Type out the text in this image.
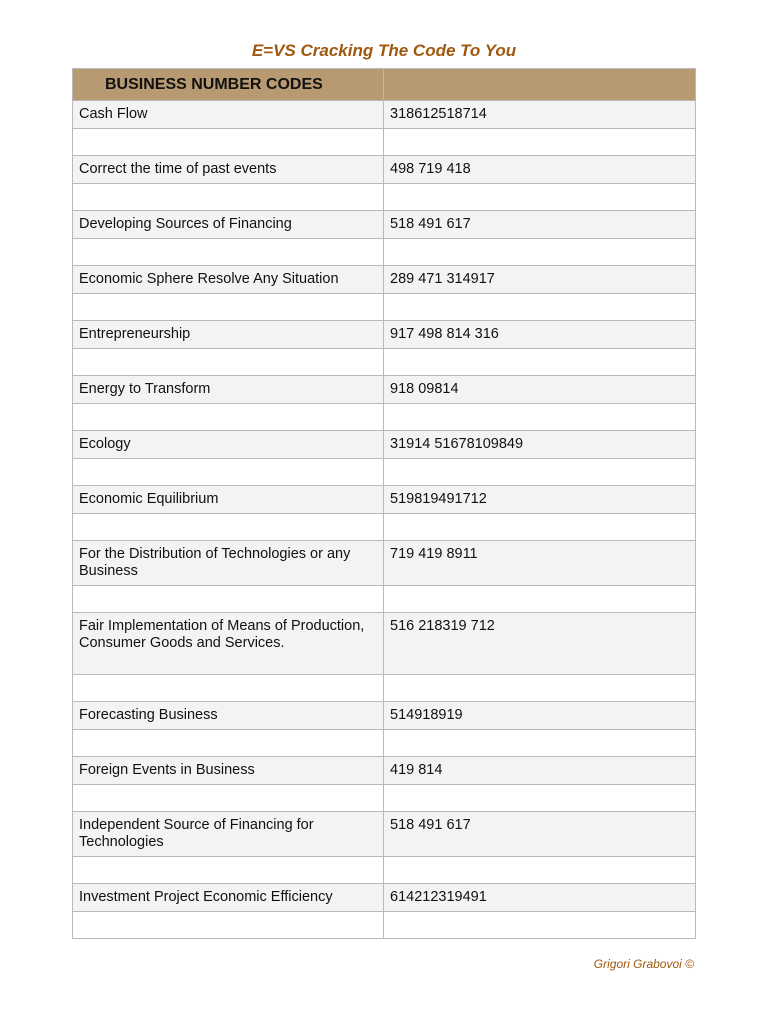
E=VS Cracking The Code To You
BUSINESS NUMBER CODES	
Cash Flow	318612518714

Correct the time of past events	498 719 418

Developing Sources of Financing	518 491 617

Economic Sphere Resolve Any Situation	289 471 314917

Entrepreneurship	917 498 814 316

Energy to Transform	918 09814

Ecology	31914 51678109849

Economic Equilibrium	519819491712

For the Distribution of Technologies or any Business	719 419 8911

Fair Implementation of Means of Production, Consumer Goods and Services.	516 218319 712

Forecasting Business	514918919

Foreign Events in Business	419 814

Independent Source of Financing for Technologies	518 491 617

Investment Project Economic Efficiency	614212319491

Grigori Grabovoi ©
